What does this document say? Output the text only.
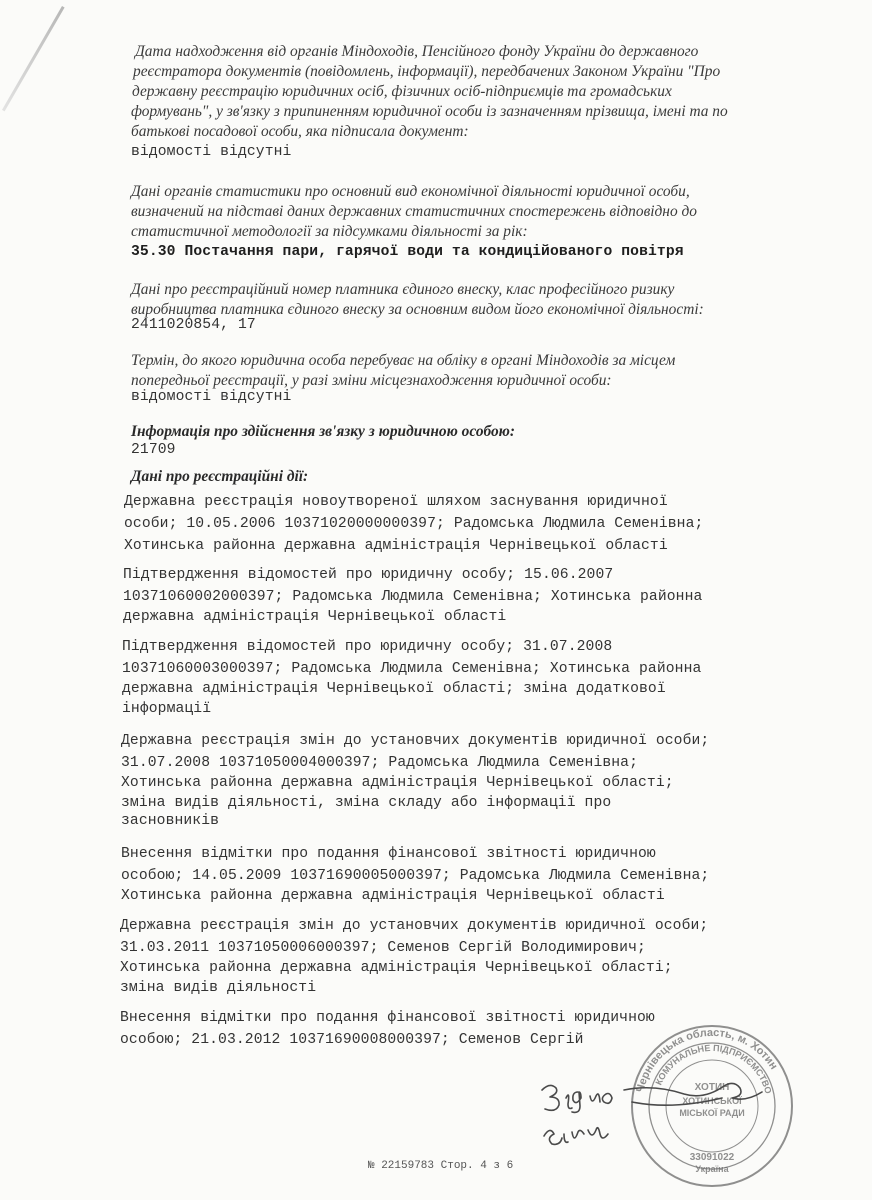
Дата надходження від органів Міндоходів, Пенсійного фонду України до державного
реєстратора документів (повідомлень, інформації), передбачених Законом України "Про
державну реєстрацію юридичних осіб, фізичних осіб-підприємців та громадських
формувань", у зв'язку з припиненням юридичної особи із зазначенням прізвища, імені та по
батькові посадової особи, яка підписала документ:
відомості відсутні
Дані органів статистики про основний вид економічної діяльності юридичної особи,
визначений на підставі даних державних статистичних спостережень відповідно до
статистичної методології за підсумками діяльності за рік:
35.30 Постачання пари, гарячої води та кондиційованого повітря
Дані про реєстраційний номер платника єдиного внеску, клас професійного ризику
виробництва платника єдиного внеску за основним видом його економічної діяльності:
2411020854, 17
Термін, до якого юридична особа перебуває на обліку в органі Міндоходів за місцем
попередньої реєстрації, у разі зміни місцезнаходження юридичної особи:
відомості відсутні
Інформація про здійснення зв'язку з юридичною особою:
21709
Дані про реєстраційні дії:
Державна реєстрація новоутвореної шляхом заснування юридичної
особи; 10.05.2006 10371020000000397; Радомська Людмила Семенівна;
Хотинська районна державна адміністрація Чернівецької області
Підтвердження відомостей про юридичну особу; 15.06.2007
10371060002000397; Радомська Людмила Семенівна; Хотинська районна
державна адміністрація Чернівецької області
Підтвердження відомостей про юридичну особу; 31.07.2008
10371060003000397; Радомська Людмила Семенівна; Хотинська районна
державна адміністрація Чернівецької області; зміна додаткової
інформації
Державна реєстрація змін до установчих документів юридичної особи;
31.07.2008 10371050004000397; Радомська Людмила Семенівна;
Хотинська районна державна адміністрація Чернівецької області;
зміна видів діяльності, зміна складу або інформації про
засновників
Внесення відмітки про подання фінансової звітності юридичною
особою; 14.05.2009 10371690005000397; Радомська Людмила Семенівна;
Хотинська районна державна адміністрація Чернівецької області
Державна реєстрація змін до установчих документів юридичної особи;
31.03.2011 10371050006000397; Семенов Сергій Володимирович;
Хотинська районна державна адміністрація Чернівецької області;
зміна видів діяльності
Внесення відмітки про подання фінансової звітності юридичною
особою; 21.03.2012 10371690008000397; Семенов Сергій
Чернівецька область, м. Хотин
КОМУНАЛЬНЕ ПІДПРИЄМСТВО
ХОТИН
ХОТИНСЬКОЇ
МІСЬКОЇ РАДИ
33091022
Україна
№ 22159783 Стор. 4 з 6
